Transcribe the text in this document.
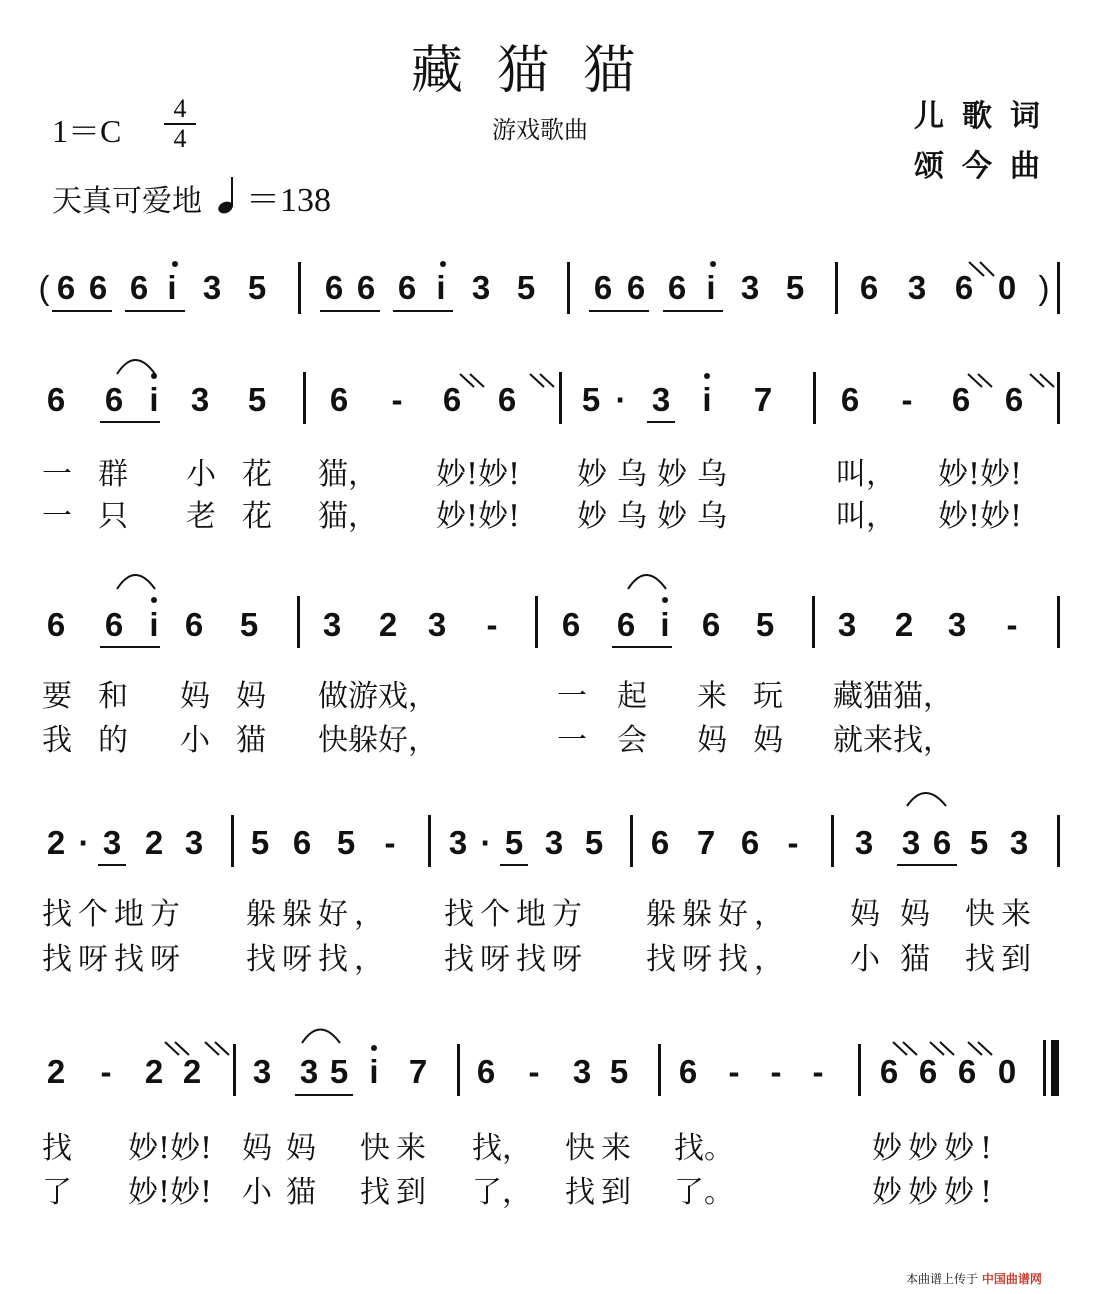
藏猫猫
游戏歌曲
1＝C
4
4
儿歌词
颂今曲
天真可爱地 ＝138
( 6 6 6 i 3 5 6 6 6 i 3 5 6 6 6 i 3 5 6 3 6 0 )
6 6 i 3 5 6 - 6 6 5 · 3 i 7 6 - 6 6
一群 小花 猫， 妙!妙! 妙乌妙乌	叫， 妙!妙!
一只 老花 猫， 妙!妙! 妙乌妙乌	叫， 妙!妙!
6 6 i 6 5 3 2 3 - 6 6 i 6 5 3 2 3 -
要和 妈妈 做游戏，	一起 来玩 藏猫猫，
我的 小猫 快躲好，	一会 妈妈 就来找，
2 · 3 2 3 5 6 5 - 3 · 5 3 5 6 7 6 - 3 3 6 5 3
找个地方 躲躲好， 找个地方 躲躲好， 妈妈 快来
找呀找呀 找呀找， 找呀找呀 找呀找， 小猫 找到
2 - 2 2 3 3 5 i 7 6 - 3 5 6 - - - 6 6 6 0
找 妙!妙! 妈妈 快来 找， 快来 找。	妙妙妙!
了 妙!妙! 小猫 找到 了， 找到 了。	妙妙妙!
本曲谱上传于 中国曲谱网
